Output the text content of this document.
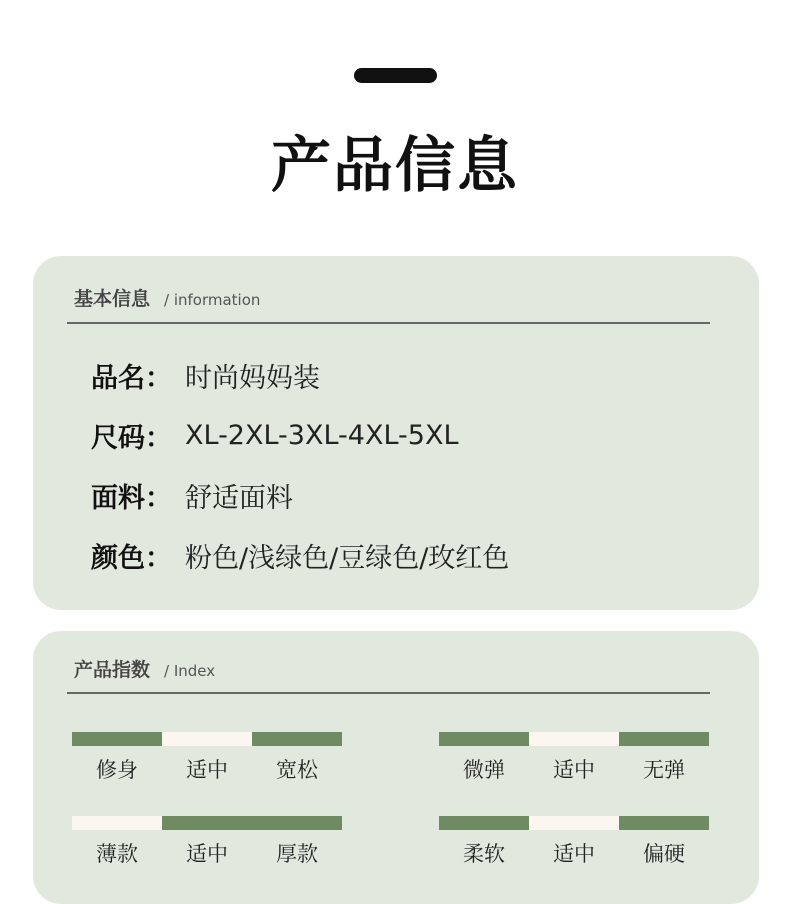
产品信息
基本信息 / information
品名： 时尚妈妈装
尺码： XL-2XL-3XL-4XL-5XL
面料： 舒适面料
颜色： 粉色/浅绿色/豆绿色/玫红色
产品指数 / Index
修身	适中	宽松	微弹	适中	无弹
薄款	适中	厚款	柔软	适中	偏硬
